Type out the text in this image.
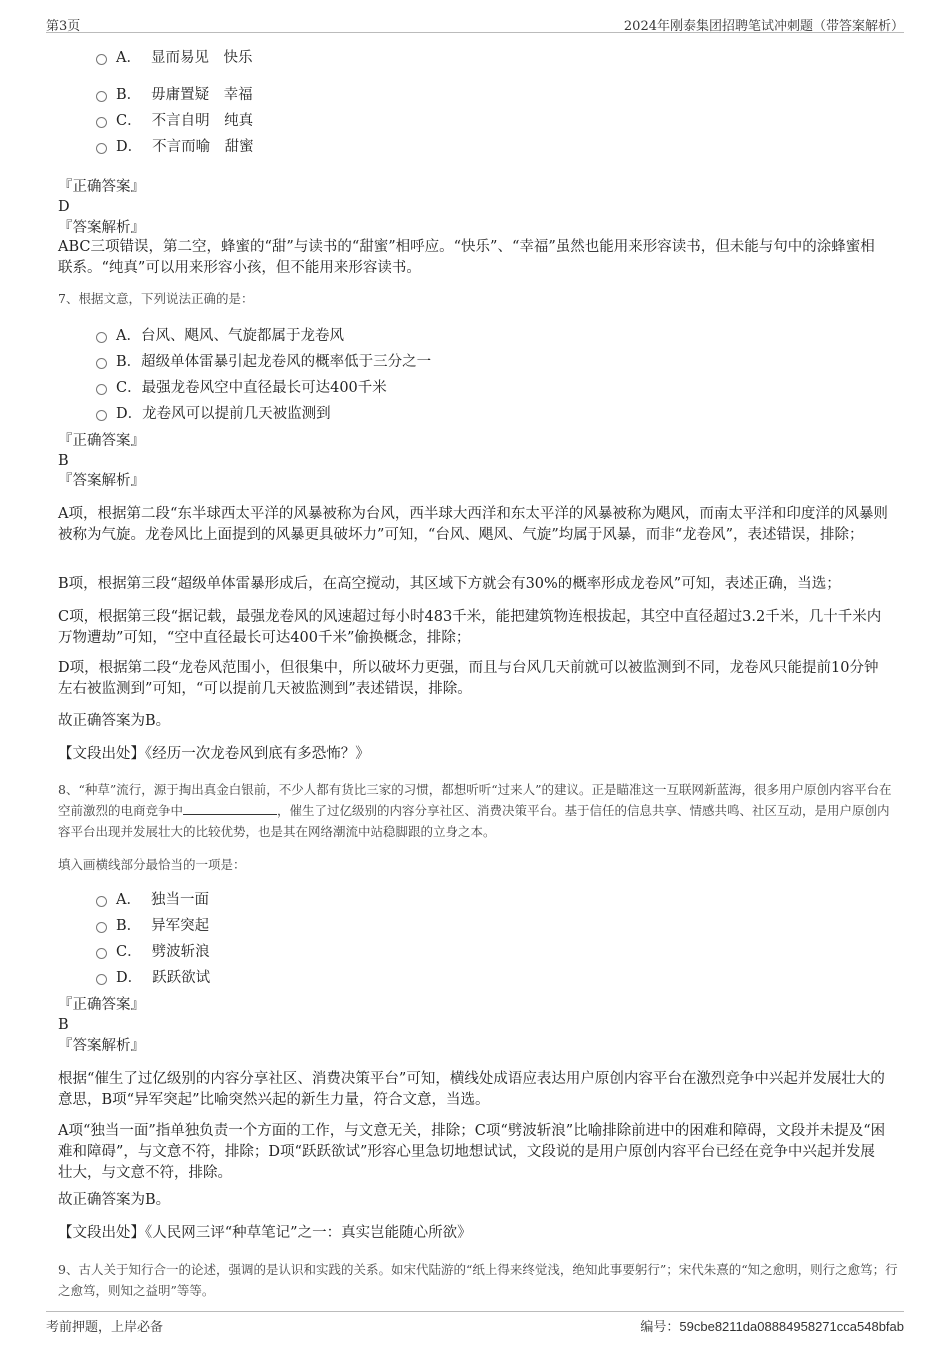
第3页	2024年刚泰集团招聘笔试冲刺题（带答案解析）
A． 显而易见　快乐
B． 毋庸置疑　幸福
C． 不言自明　纯真
D． 不言而喻　甜蜜
『正确答案』
D
『答案解析』
ABC三项错误，第二空，蜂蜜的“甜”与读书的“甜蜜”相呼应。“快乐”、“幸福”虽然也能用来形容读书，但未能与句中的涂蜂蜜相联系。“纯真”可以用来形容小孩，但不能用来形容读书。
7、根据文意，下列说法正确的是：
A．台风、飓风、气旋都属于龙卷风
B．超级单体雷暴引起龙卷风的概率低于三分之一
C．最强龙卷风空中直径最长可达400千米
D．龙卷风可以提前几天被监测到
『正确答案』
B
『答案解析』
A项，根据第二段“东半球西太平洋的风暴被称为台风，西半球大西洋和东太平洋的风暴被称为飓风，而南太平洋和印度洋的风暴则被称为气旋。龙卷风比上面提到的风暴更具破坏力”可知，“台风、飓风、气旋”均属于风暴，而非“龙卷风”，表述错误，排除；
B项，根据第三段“超级单体雷暴形成后，在高空搅动，其区域下方就会有30%的概率形成龙卷风”可知，表述正确，当选；
C项，根据第三段“据记载，最强龙卷风的风速超过每小时483千米，能把建筑物连根拔起，其空中直径超过3.2千米，几十千米内万物遭劫”可知，“空中直径最长可达400千米”偷换概念，排除；
D项，根据第二段“龙卷风范围小，但很集中，所以破坏力更强，而且与台风几天前就可以被监测到不同，龙卷风只能提前10分钟左右被监测到”可知，“可以提前几天被监测到”表述错误，排除。
故正确答案为B。
【文段出处】《经历一次龙卷风到底有多恐怖？》
8、“种草”流行，源于掏出真金白银前，不少人都有货比三家的习惯，都想听听“过来人”的建议。正是瞄准这一互联网新蓝海，很多用户原创内容平台在空前激烈的电商竞争中	，催生了过亿级别的内容分享社区、消费决策平台。基于信任的信息共享、情感共鸣、社区互动，是用户原创内容平台出现并发展壮大的比较优势，也是其在网络潮流中站稳脚跟的立身之本。
填入画横线部分最恰当的一项是：
A． 独当一面
B． 异军突起
C． 劈波斩浪
D． 跃跃欲试
『正确答案』
B
『答案解析』
根据“催生了过亿级别的内容分享社区、消费决策平台”可知，横线处成语应表达用户原创内容平台在激烈竞争中兴起并发展壮大的意思，B项“异军突起”比喻突然兴起的新生力量，符合文意，当选。
A项“独当一面”指单独负责一个方面的工作，与文意无关，排除；C项“劈波斩浪”比喻排除前进中的困难和障碍，文段并未提及“困难和障碍”，与文意不符，排除；D项“跃跃欲试”形容心里急切地想试试，文段说的是用户原创内容平台已经在竞争中兴起并发展壮大，与文意不符，排除。
故正确答案为B。
【文段出处】《人民网三评“种草笔记”之一：真实岂能随心所欲》
9、古人关于知行合一的论述，强调的是认识和实践的关系。如宋代陆游的“纸上得来终觉浅，绝知此事要躬行”；宋代朱熹的“知之愈明，则行之愈笃；行之愈笃，则知之益明”等等。
考前押题，上岸必备	编号：59cbe8211da08884958271cca548bfab
